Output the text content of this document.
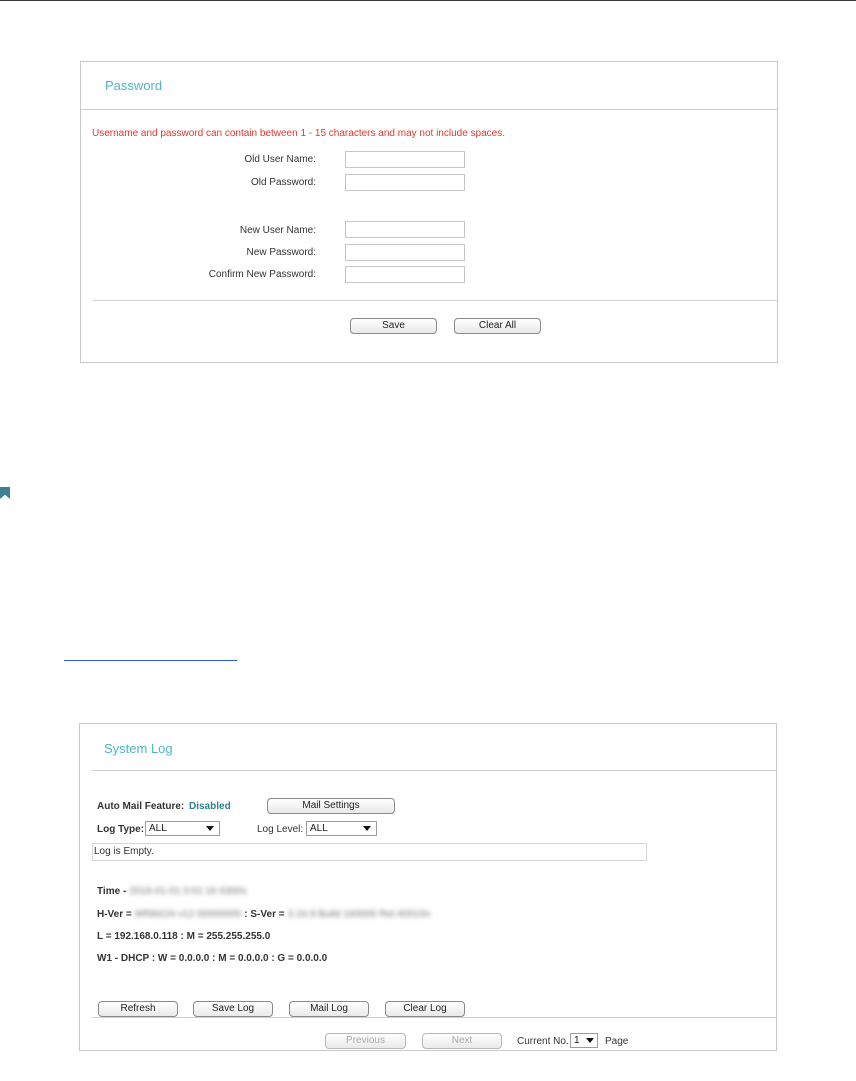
Password
Username and password can contain between 1 - 15 characters and may not include spaces.
Old User Name:
Old Password:
New User Name:
New Password:
Confirm New Password:
Save	Clear All
System Log
Auto Mail Feature: Disabled	Mail Settings
Log Type: ALL	Log Level: ALL
Log is Empty.
Time - 2016-01-01 0:01:16 6300s
H-Ver = WR841N v12 00000000 : S-Ver = 3.16.9 Build 160000 Rel.40010n
L = 192.168.0.118 : M = 255.255.255.0
W1 - DHCP : W = 0.0.0.0 : M = 0.0.0.0 : G = 0.0.0.0
Refresh	Save Log	Mail Log	Clear Log
Previous	Next	Current No. 1	Page
